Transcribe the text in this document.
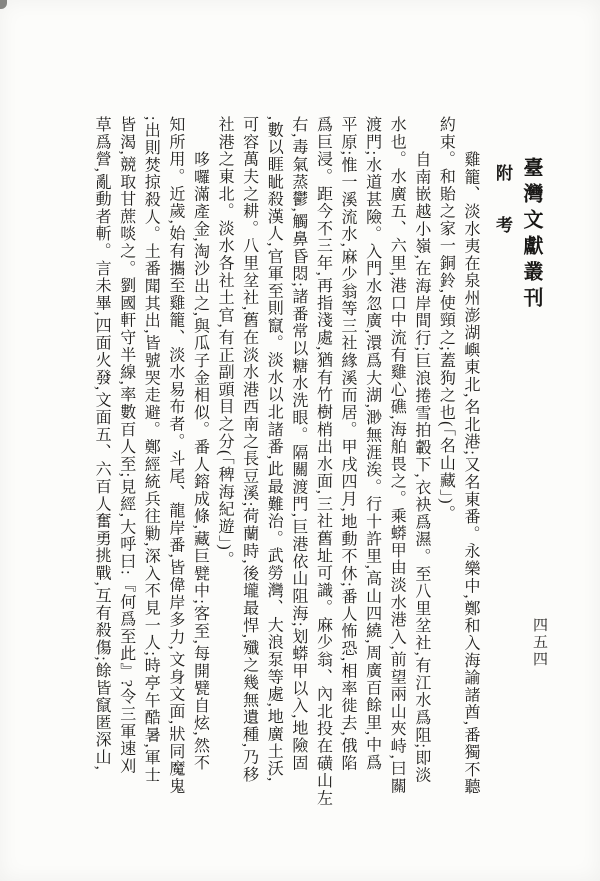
臺灣文獻叢刊
附　考
四五四
雞籠、淡水夷在泉州澎湖嶼東北,名北港;又名東番。永樂中,鄭和入海諭諸酋,番獨不聽
約束。和貽之家一銅鈴,使頸之;蓋狗之也(「名山藏」)。
自南嵌越小嶺,在海岸間行;巨浪捲雪拍轂下,衣袂爲濕。至八里坌社,有江水爲阻;即淡
水也。水廣五、六里,港口中流有雞心礁,海舶畏之。乘蟒甲由淡水港入,前望兩山夾峙,曰關
渡門;水道甚險。入門水忽廣,澴爲大湖,渺無涯涘。行十許里,高山四繞,周廣百餘里,中爲
平原;惟一溪流水,麻少翁等三社緣溪而居。甲戌四月,地動不休;番人怖恐,相率徙去,俄陷
爲巨浸。距今不三年,再指淺處,猶有竹樹梢出水面,三社舊址可識。麻少翁、內北投在磺山左
右,毒氣蒸鬱,觸鼻昏悶;諸番常以糖水洗眼。隔關渡門,巨港依山阻海;划蟒甲以入,地險固
,數以睚眦殺漢人,官軍至則竄。淡水以北諸番,此最難治。武勞灣、大浪泵等處,地廣土沃,
可容萬夫之耕。八里坌社,舊在淡水港西南之長豆溪;荷蘭時,後壠最悍,殲之幾無遺種,乃移
社港之東北。淡水各社土官,有正副頭目之分(「稗海紀遊」)。
哆囉滿產金,淘沙出之,與瓜子金相似。番人鎔成條,藏巨甓中;客至,每開甓自炫,然不
知所用。近歲,始有攜至雞籠、淡水易布者。斗尾、龍岸番,皆偉岸多力,文身文面,狀同魔鬼
;出則焚掠殺人。土番聞其出,皆號哭走避。鄭經統兵往勦,深入不見一人;時亭午酷暑,軍士
皆渴,競取甘蔗啖之。劉國軒守半線,率數百人至;見經,大呼曰:『何爲至此』?令三軍速刈
草爲營,亂動者斬。言未畢,四面火發,文面五、六百人奮勇挑戰,互有殺傷;餘皆竄匿深山,
